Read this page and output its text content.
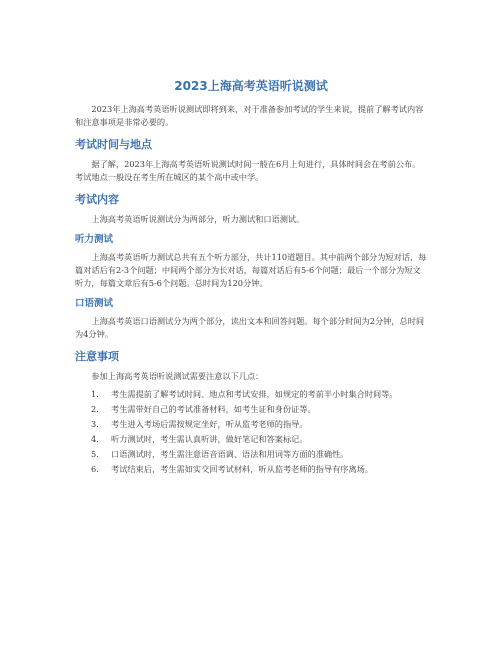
2023上海高考英语听说测试

2023年上海高考英语听说测试即将到来，对于准备参加考试的学生来说，提前了解考试内容和注意事项是非常必要的。

考试时间与地点

据了解，2023年上海高考英语听说测试时间一般在6月上旬进行，具体时间会在考前公布。考试地点一般设在考生所在城区的某个高中或中学。

考试内容

上海高考英语听说测试分为两部分，听力测试和口语测试。

听力测试

上海高考英语听力测试总共有五个听力部分，共计110道题目。其中前两个部分为短对话，每篇对话后有2-3个问题；中间两个部分为长对话，每篇对话后有5-6个问题；最后一个部分为短文听力，每篇文章后有5-6个问题。总时间为120分钟。

口语测试

上海高考英语口语测试分为两个部分，读出文本和回答问题。每个部分时间为2分钟，总时间为4分钟。

注意事项

参加上海高考英语听说测试需要注意以下几点：

1. 考生需提前了解考试时间、地点和考试安排，如规定的考前半小时集合时间等。
2. 考生需带好自己的考试准备材料，如考生证和身份证等。
3. 考生进入考场后需按规定坐好，听从监考老师的指导。
4. 听力测试时，考生需认真听讲，做好笔记和答案标记。
5. 口语测试时，考生需注意语音语调、语法和用词等方面的准确性。
6. 考试结束后，考生需如实交回考试材料，听从监考老师的指导有序离场。
